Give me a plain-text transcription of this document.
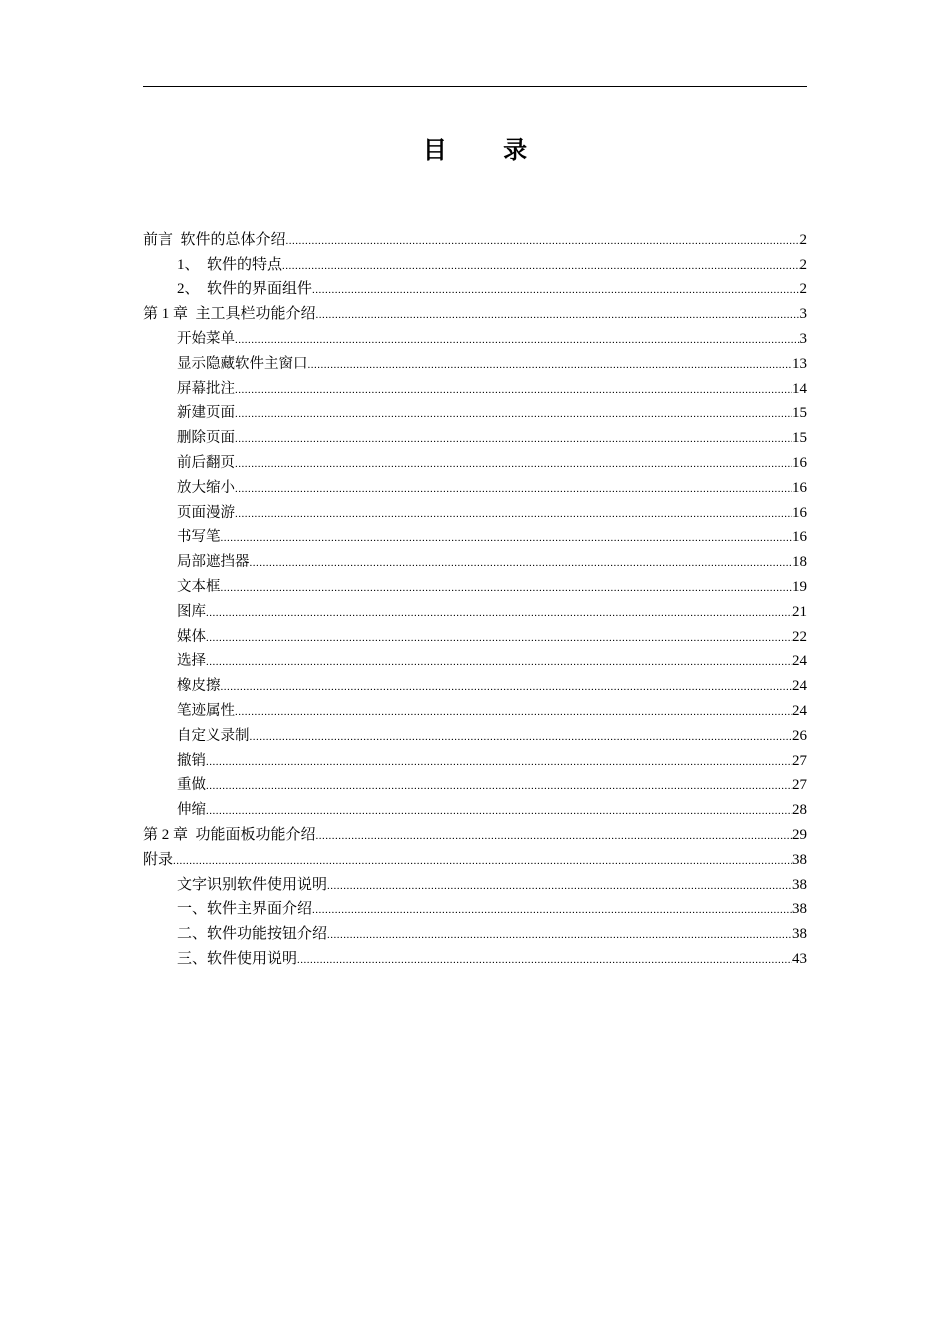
目 录
前言  软件的总体介绍 .....	2
1、  软件的特点 .....	2
2、  软件的界面组件 .....	2
第 1 章  主工具栏功能介绍 .....	3
开始菜单 .....	3
显示隐藏软件主窗口 .....	13
屏幕批注 .....	14
新建页面 .....	15
删除页面 .....	15
前后翻页 .....	16
放大缩小 .....	16
页面漫游 .....	16
书写笔 .....	16
局部遮挡器 .....	18
文本框 .....	19
图库 .....	21
媒体 .....	22
选择 .....	24
橡皮擦 .....	24
笔迹属性 .....	24
自定义录制 .....	26
撤销 .....	27
重做 .....	27
伸缩 .....	28
第 2 章  功能面板功能介绍 .....	29
附录 .....	38
文字识别软件使用说明 .....	38
一、软件主界面介绍 .....	38
二、软件功能按钮介绍 .....	38
三、软件使用说明 .....	43
